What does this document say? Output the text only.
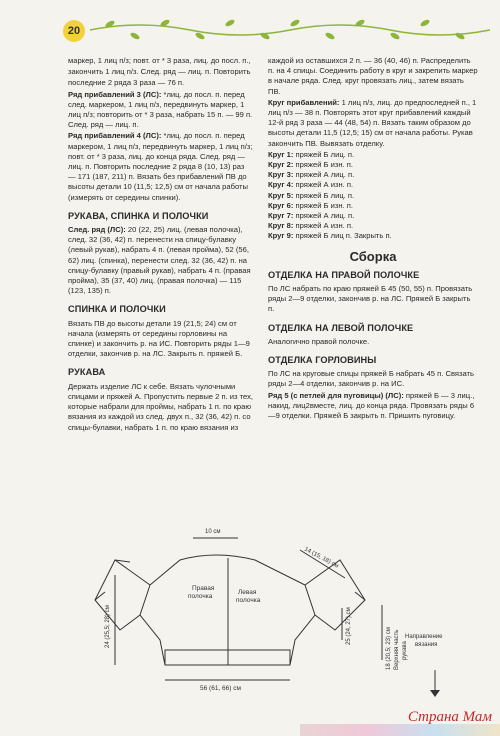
20

маркер, 1 лиц п/з; повт. от * 3 раза, лиц. до посл. п.,

закончить 1 лиц п/з. След. ряд — лиц. п. Повторить

последние 2 ряда 3 раза — 76 п.

Ряд прибавлений 3 (ЛС): *лиц. до посл. п. перед след. маркером, 1 лиц п/з, передвинуть маркер, 1 лиц п/з; повторить от * 3 раза, набрать 15 п. — 99 п. След. ряд — лиц. п.

Ряд прибавлений 4 (ЛС): *лиц. до посл. п. перед маркером, 1 лиц п/з, передвинуть маркер, 1 лиц п/з; повт. от * 3 раза, лиц. до конца ряда. След. ряд — лиц. п. Повторить последние 2 ряда 8 (10, 13) раз — 171 (187, 211) п. Вязать без прибавлений ПВ до высоты детали 10 (11,5; 12,5) см от начала работы (измерять от середины спинки).

РУКАВА, СПИНКА И ПОЛОЧКИ

След. ряд (ЛС): 20 (22, 25) лиц. (левая полочка), след. 32 (36, 42) п. перенести на спицу-булавку (левый рукав), набрать 4 п. (левая пройма), 52 (56, 62) лиц. (спинка), перенести след. 32 (36, 42) п. на спицу-булавку (правый рукав), набрать 4 п. (правая пройма), 35 (37, 40) лиц. (правая полочка) — 115 (123, 135) п.

СПИНКА И ПОЛОЧКИ

Вязать ПВ до высоты детали 19 (21,5; 24) см от начала (измерять от середины горловины на спинке) и закончить р. на ИС. Повторить ряды 1—9 отделки, закончив р. на ЛС. Закрыть п. пряжей Б.

РУКАВА

Держать изделие ЛС к себе. Вязать чулочными спицами и пряжей А. Пропустить первые 2 п. из тех, которые набрали для проймы, набрать 1 п. по краю вязания из каждой из след. двух п., 32 (36, 42) п. со спицы-булавки, набрать 1 п. по краю вязания из

каждой из оставшихся 2 п. — 36 (40, 46) п. Распределить п. на 4 спицы. Соединить работу в круг и закрепить маркер в начале ряда. След. круг провязать лиц., затем вязать ПВ.

Круг прибавлений: 1 лиц п/з, лиц. до предпоследней п., 1 лиц п/з — 38 п. Повторять этот круг прибавлений каждый 12-й ряд 3 раза — 44 (48, 54) п. Вязать таким образом до высоты детали 11,5 (12,5; 15) см от начала работы. Рукав закончить ПВ. Вывязать отделку.

Круг 1: пряжей Б лиц. п.

Круг 2: пряжей Б изн. п.

Круг 3: пряжей А лиц. п.

Круг 4: пряжей А изн. п.

Круг 5: пряжей Б лиц. п.

Круг 6: пряжей Б изн. п.

Круг 7: пряжей А лиц. п.

Круг 8: пряжей А изн. п.

Круг 9: пряжей Б лиц п. Закрыть п.

Сборка
ОТДЕЛКА НА ПРАВОЙ ПОЛОЧКЕ

По ЛС набрать по краю пряжей Б 45 (50, 55) п. Провязать ряды 2—9 отделки, закончив р. на ЛС. Пряжей Б закрыть п.

ОТДЕЛКА НА ЛЕВОЙ ПОЛОЧКЕ

Аналогично правой полочке.

ОТДЕЛКА ГОРЛОВИНЫ

По ЛС на круговые спицы пряжей Б набрать 45 п. Связать ряды 2—4 отделки, закончив р. на ИС.

Ряд 5 (с петлей для пуговицы) (ЛС): пряжей Б — 3 лиц., накид, лиц2вместе, лиц. до конца ряда. Провязать ряды 6—9 отделки. Пряжей Б закрыть п. Пришить пуговицу.

10 см
14 (15, 18) см
24 (25,5; 28) см	25 (24, 27) см
18 (20,5; 23) см Верхняя часть рукава
Правая
полочка
Левая
полочка
56 (61, 66) см
Направление
вязания
Страна Мам
